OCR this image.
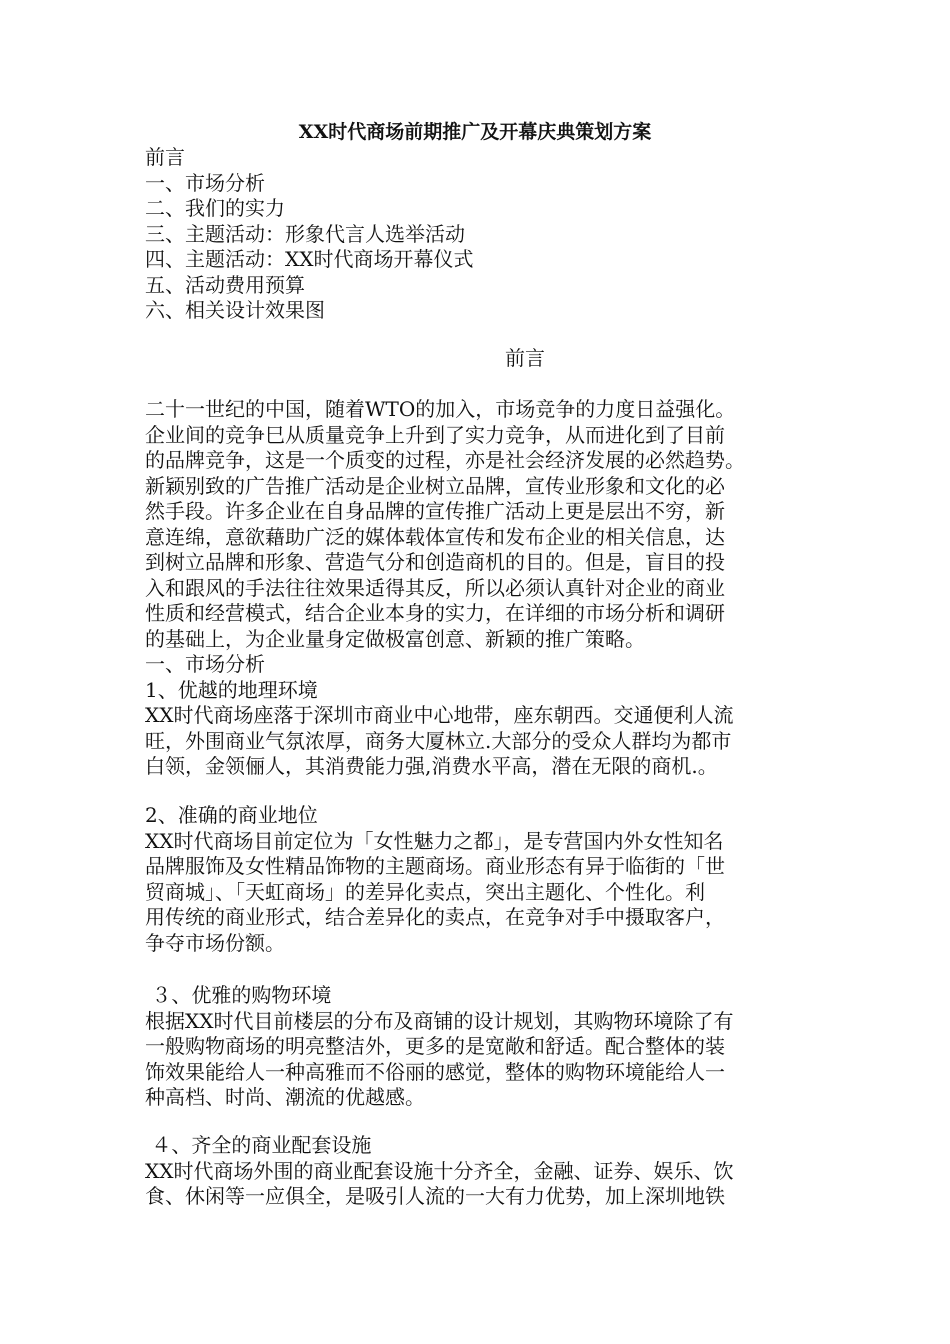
XX时代商场前期推广及开幕庆典策划方案
前言
一、市场分析
二、我们的实力
三、主题活动：形象代言人选举活动
四、主题活动：XX时代商场开幕仪式
五、活动费用预算
六、相关设计效果图
前言

二十一世纪的中国，随着WTO的加入，市场竞争的力度日益强化。

企业间的竞争巳从质量竞争上升到了实力竞争，从而进化到了目前

的品牌竞争，这是一个质变的过程，亦是社会经济发展的必然趋势。

新颖别致的广告推广活动是企业树立品牌，宣传业形象和文化的必

然手段。许多企业在自身品牌的宣传推广活动上更是层出不穷，新

意连绵，意欲藉助广泛的媒体载体宣传和发布企业的相关信息，达

到树立品牌和形象、营造气分和创造商机的目的。但是，盲目的投

入和跟风的手法往往效果适得其反，所以必须认真针对企业的商业

性质和经营模式，结合企业本身的实力，在详细的市场分析和调研

的基础上，为企业量身定做极富创意、新颖的推广策略。

一、市场分析

1、优越的地理环境

XX时代商场座落于深圳市商业中心地带，座东朝西。交通便利人流

旺，外围商业气氛浓厚，商务大厦林立.大部分的受众人群均为都市

白领，金领俪人，其消费能力强,消费水平高，潜在无限的商机.。

2、准确的商业地位

XX时代商场目前定位为「女性魅力之都」，是专营国内外女性知名

品牌服饰及女性精品饰物的主题商场。商业形态有异于临街的「世

贸商城」、「天虹商场」的差异化卖点，突出主题化、个性化。利

用传统的商业形式，结合差异化的卖点，在竞争对手中摄取客户，

争夺市场份额。

３、优雅的购物环境

根据XX时代目前楼层的分布及商铺的设计规划，其购物环境除了有

一般购物商场的明亮整洁外，更多的是宽敞和舒适。配合整体的装

饰效果能给人一种高雅而不俗丽的感觉，整体的购物环境能给人一

种高档、时尚、潮流的优越感。

４、齐全的商业配套设施

XX时代商场外围的商业配套设施十分齐全，金融、证券、娱乐、饮

食、休闲等一应俱全，是吸引人流的一大有力优势，加上深圳地铁
